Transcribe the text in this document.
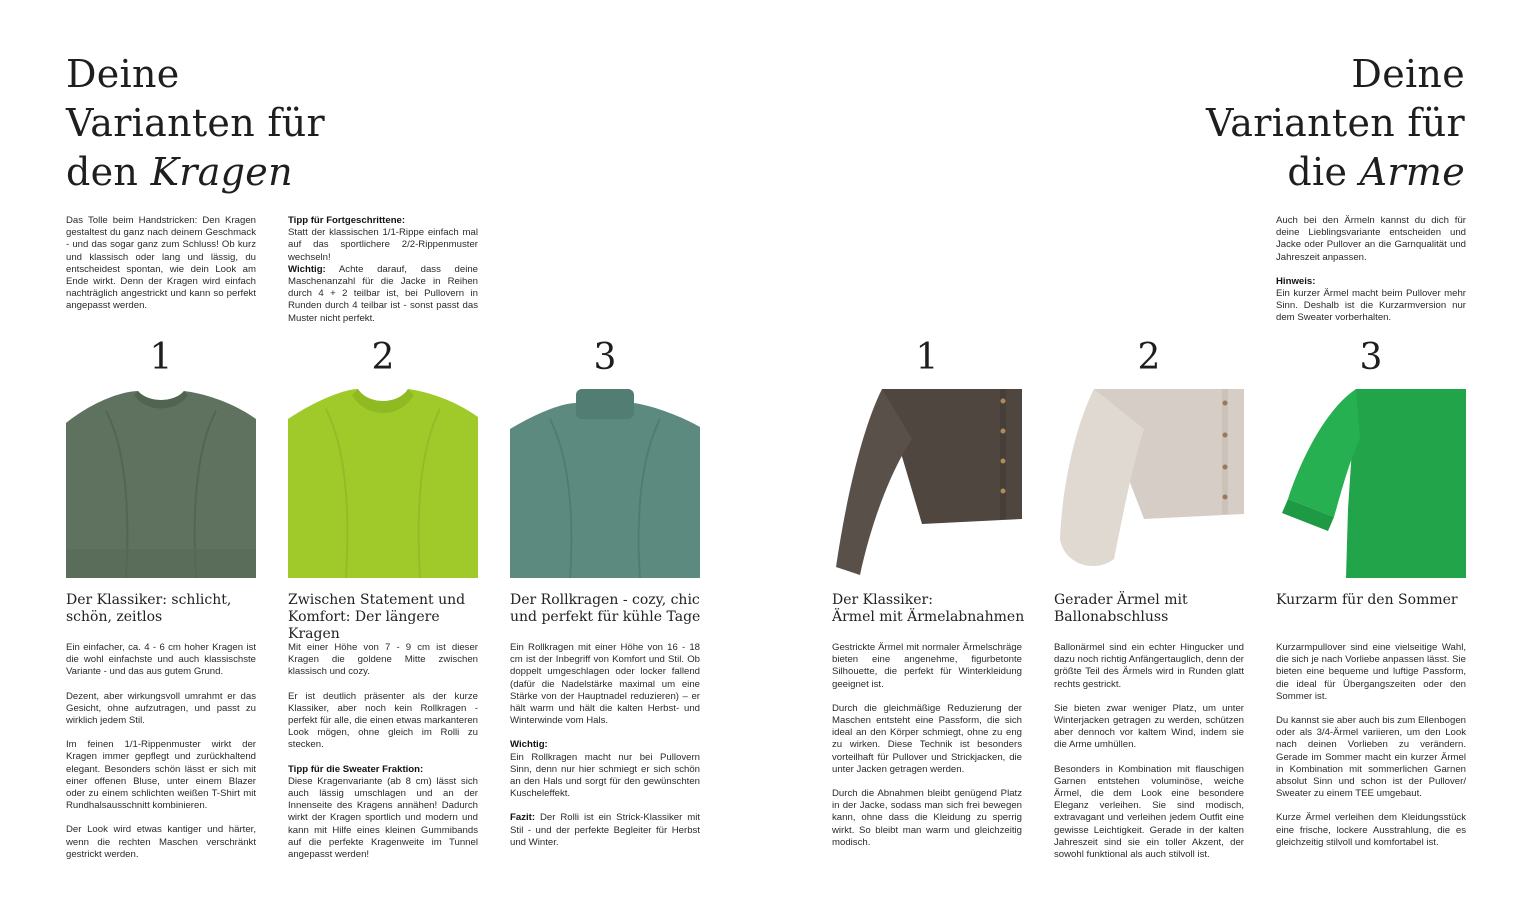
Deine
Varianten für
den Kragen
Deine
Varianten für
die Arme

Das Tolle beim Handstricken: Den Kragen gestaltest du ganz nach deinem Geschmack - und das sogar ganz zum Schluss! Ob kurz und klassisch oder lang und lässig, du entscheidest spontan, wie dein Look am Ende wirkt. Denn der Kragen wird einfach nachträglich angestrickt und kann so perfekt angepasst werden.

Tipp für Fortgeschrittene:

Statt der klassischen 1/1-Rippe einfach mal auf das sportlichere 2/2-Rippenmuster wechseln!

Wichtig: Achte darauf, dass deine Maschenanzahl für die Jacke in Reihen durch 4 + 2 teilbar ist, bei Pullovern in Runden durch 4 teilbar ist - sonst passt das Muster nicht perfekt.

Auch bei den Ärmeln kannst du dich für deine Lieblingsvariante entscheiden und Jacke oder Pullover an die Garnqualität und Jahreszeit anpassen.

Hinweis:

Ein kurzer Ärmel macht beim Pullover mehr Sinn. Deshalb ist die Kurzarmversion nur dem Sweater vorberhalten.

1	2	3	1	2	3
Der Klassiker: schlicht,
schön, zeitlos
Zwischen Statement und
Komfort: Der längere Kragen
Der Rollkragen - cozy, chic
und perfekt für kühle Tage
Der Klassiker:
Ärmel mit Ärmelabnahmen
Gerader Ärmel mit
Ballonabschluss
Kurzarm für den Sommer

Ein einfacher, ca. 4 - 6 cm hoher Kragen ist die wohl einfachste und auch klassischste Variante - und das aus gutem Grund.

Dezent, aber wirkungsvoll umrahmt er das Gesicht, ohne aufzutragen, und passt zu wirklich jedem Stil.

Im feinen 1/1-Rippenmuster wirkt der Kragen immer gepflegt und zurückhaltend elegant. Besonders schön lässt er sich mit einer offenen Bluse, unter einem Blazer oder zu einem schlichten weißen T-Shirt mit Rundhalsausschnitt kombinieren.

Der Look wird etwas kantiger und härter, wenn die rechten Maschen verschränkt gestrickt werden.

Mit einer Höhe von 7 - 9 cm ist dieser Kragen die goldene Mitte zwischen klassisch und cozy.

Er ist deutlich präsenter als der kurze Klassiker, aber noch kein Rollkragen - perfekt für alle, die einen etwas markanteren Look mögen, ohne gleich im Rolli zu stecken.

Tipp für die Sweater Fraktion:

Diese Kragenvariante (ab 8 cm) lässt sich auch lässig umschlagen und an der Innenseite des Kragens annähen! Dadurch wirkt der Kragen sportlich und modern und kann mit Hilfe eines kleinen Gummibands auf die perfekte Kragenweite im Tunnel angepasst werden!

Ein Rollkragen mit einer Höhe von 16 - 18 cm ist der Inbegriff von Komfort und Stil. Ob doppelt umgeschlagen oder locker fallend (dafür die Nadelstärke maximal um eine Stärke von der Hauptnadel reduzieren) – er hält warm und hält die kalten Herbst- und Winterwinde vom Hals.

Wichtig:

Ein Rollkragen macht nur bei Pullovern Sinn, denn nur hier schmiegt er sich schön an den Hals und sorgt für den gewünschten Kuscheleffekt.

Fazit: Der Rolli ist ein Strick-Klassiker mit Stil - und der perfekte Begleiter für Herbst und Winter.

Gestrickte Ärmel mit normaler Ärmelschräge bieten eine angenehme, figurbetonte Silhouette, die perfekt für Winterkleidung geeignet ist.

Durch die gleichmäßige Reduzierung der Maschen entsteht eine Passform, die sich ideal an den Körper schmiegt, ohne zu eng zu wirken. Diese Technik ist besonders vorteilhaft für Pullover und Strickjacken, die unter Jacken getragen werden.

Durch die Abnahmen bleibt genügend Platz in der Jacke, sodass man sich frei bewegen kann, ohne dass die Kleidung zu sperrig wirkt. So bleibt man warm und gleichzeitig modisch.

Ballonärmel sind ein echter Hingucker und dazu noch richtig Anfängertauglich, denn der größte Teil des Ärmels wird in Runden glatt rechts gestrickt.

Sie bieten zwar weniger Platz, um unter Winterjacken getragen zu werden, schützen aber dennoch vor kaltem Wind, indem sie die Arme umhüllen.

Besonders in Kombination mit flauschigen Garnen entstehen voluminöse, weiche Ärmel, die dem Look eine besondere Eleganz verleihen. Sie sind modisch, extravagant und verleihen jedem Outfit eine gewisse Leichtigkeit. Gerade in der kalten Jahreszeit sind sie ein toller Akzent, der sowohl funktional als auch stilvoll ist.

Kurzarmpullover sind eine vielseitige Wahl, die sich je nach Vorliebe anpassen lässt. Sie bieten eine bequeme und luftige Passform, die ideal für Übergangszeiten oder den Sommer ist.

Du kannst sie aber auch bis zum Ellenbogen oder als 3/4-Ärmel variieren, um den Look nach deinen Vorlieben zu verändern. Gerade im Sommer macht ein kurzer Ärmel in Kombination mit sommerlichen Garnen absolut Sinn und schon ist der Pullover/ Sweater zu einem TEE umgebaut.

Kurze Ärmel verleihen dem Kleidungsstück eine frische, lockere Ausstrahlung, die es gleichzeitig stilvoll und komfortabel ist.
